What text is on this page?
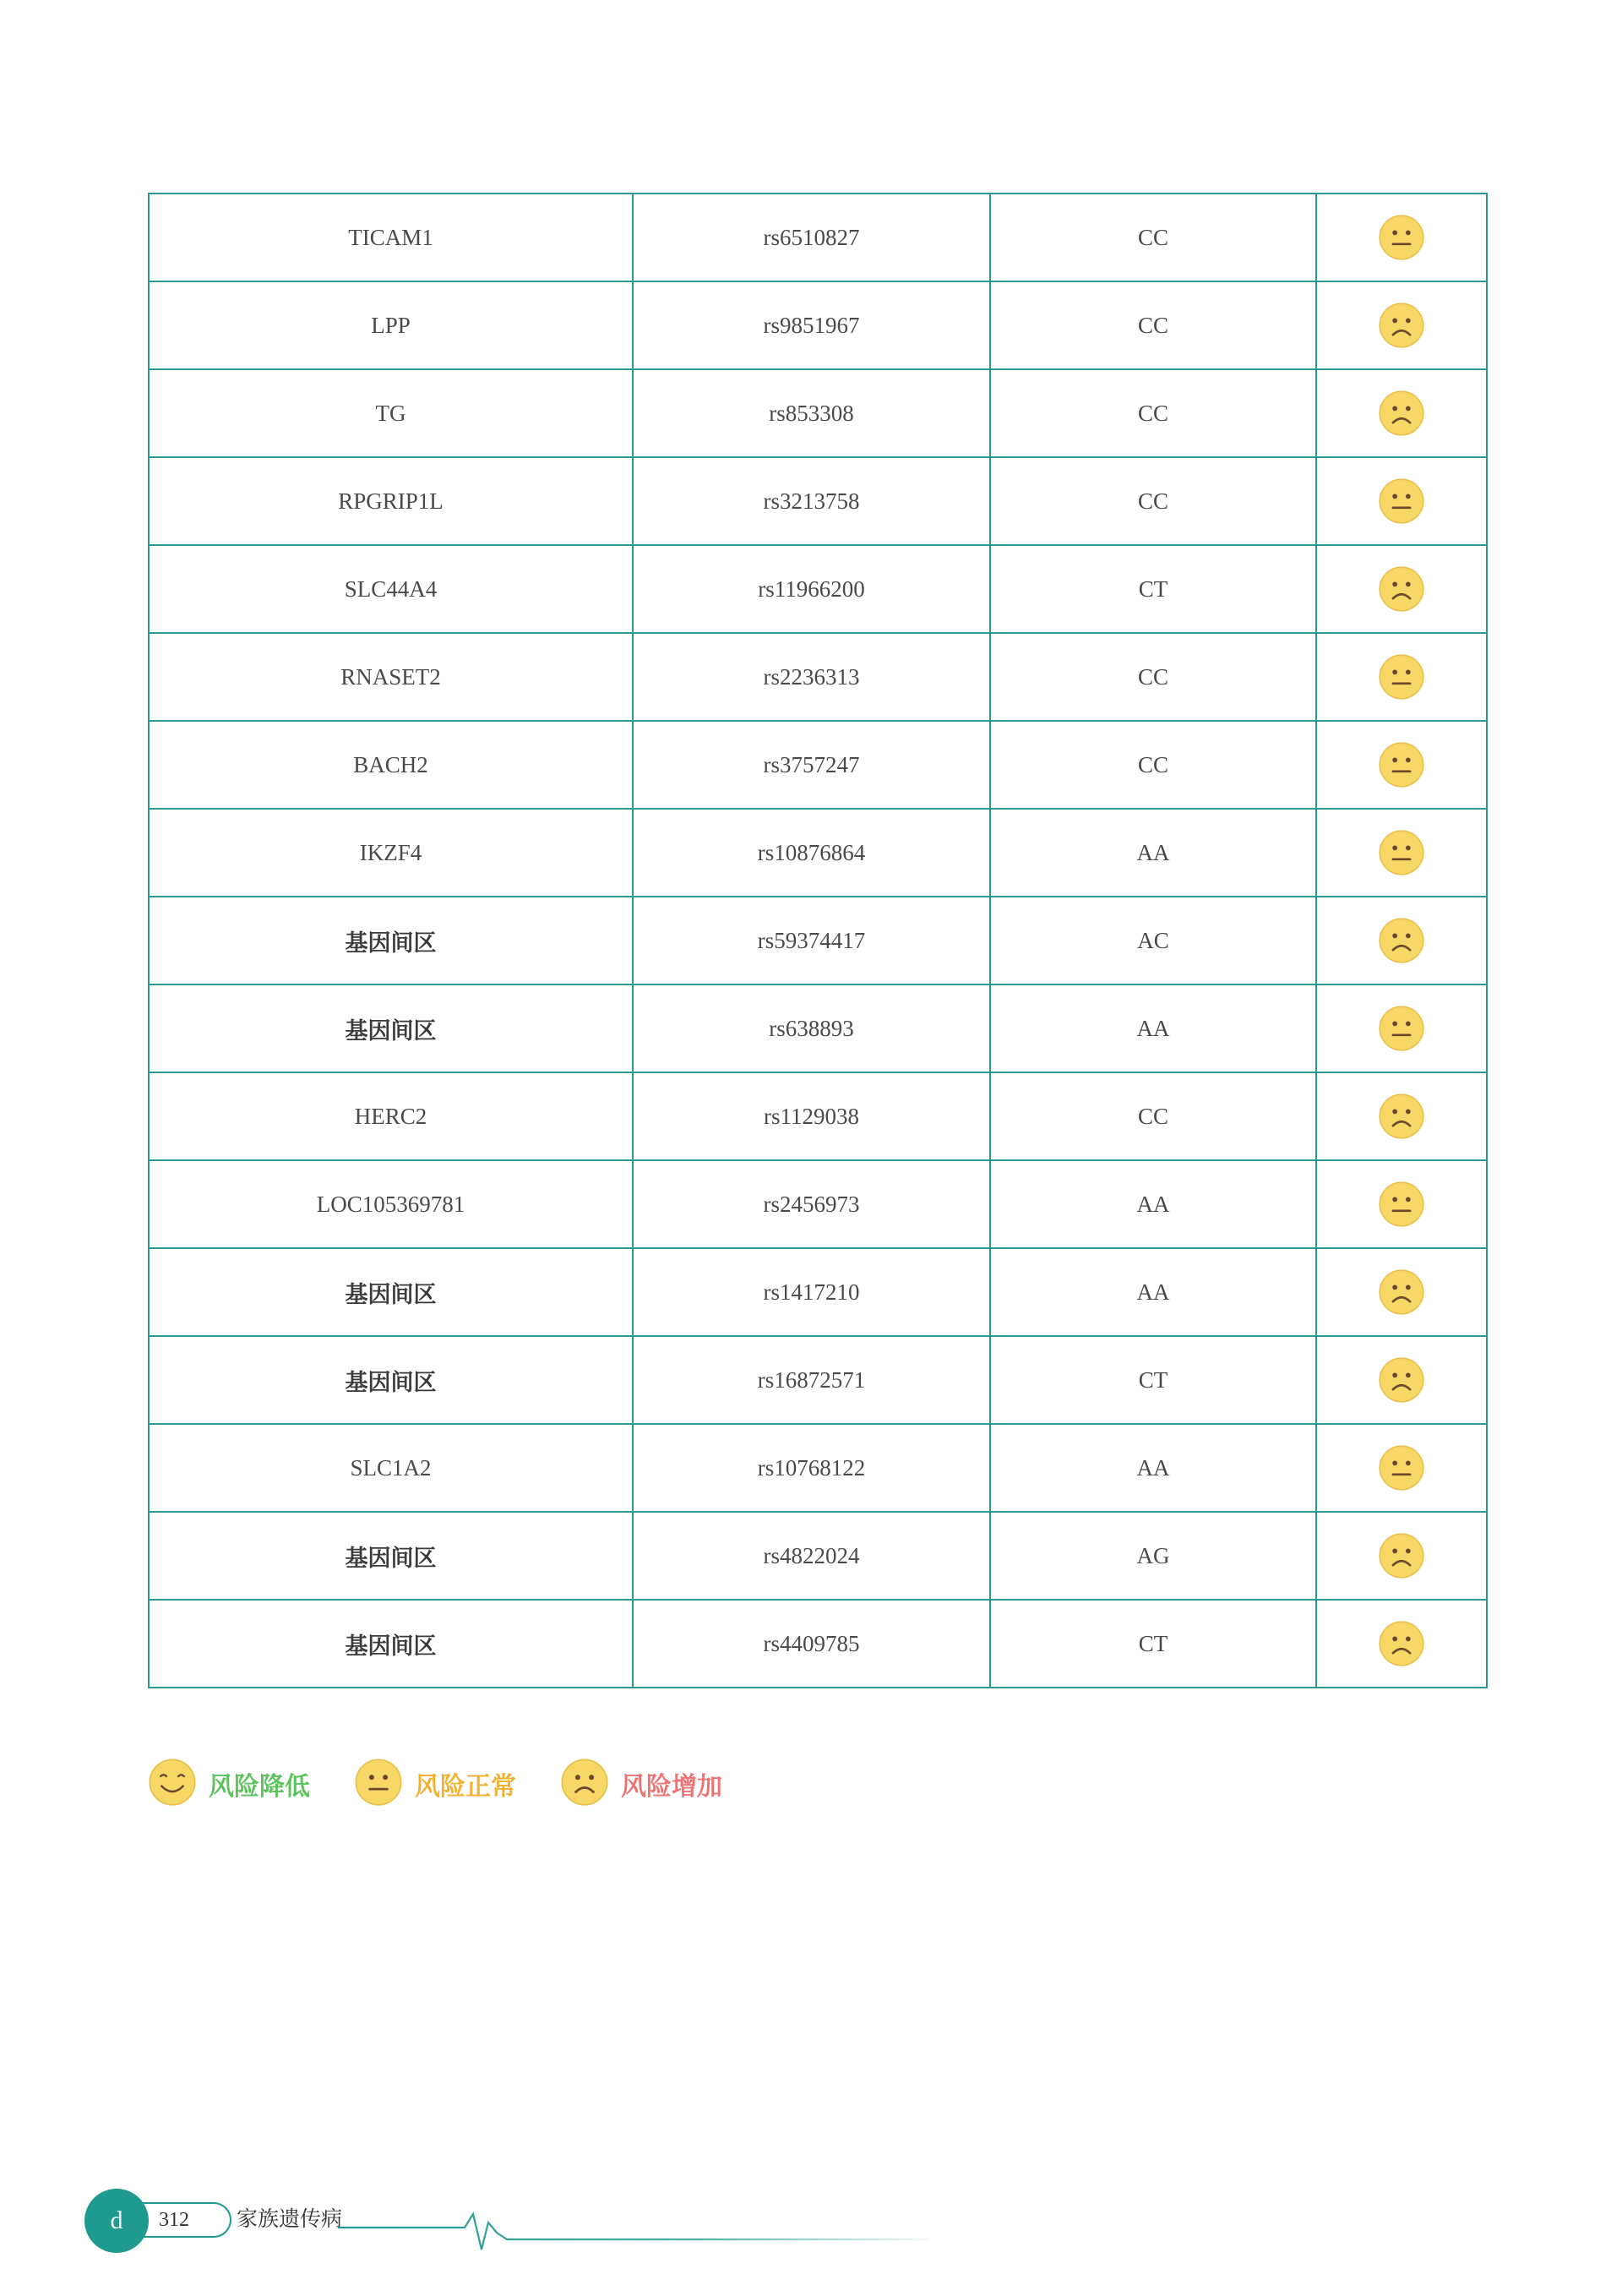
TICAM1	rs6510827	CC	

LPP	rs9851967	CC	

TG	rs853308	CC	

RPGRIP1L	rs3213758	CC	

SLC44A4	rs11966200	CT	

RNASET2	rs2236313	CC	

BACH2	rs3757247	CC	

IKZF4	rs10876864	AA	

基因间区	rs59374417	AC	

基因间区	rs638893	AA	

HERC2	rs1129038	CC	

LOC105369781	rs2456973	AA	

基因间区	rs1417210	AA	

基因间区	rs16872571	CT	

SLC1A2	rs10768122	AA	

基因间区	rs4822024	AG	

基因间区	rs4409785	CT	
风险降低	风险正常	风险增加
d	312 家族遗传病
